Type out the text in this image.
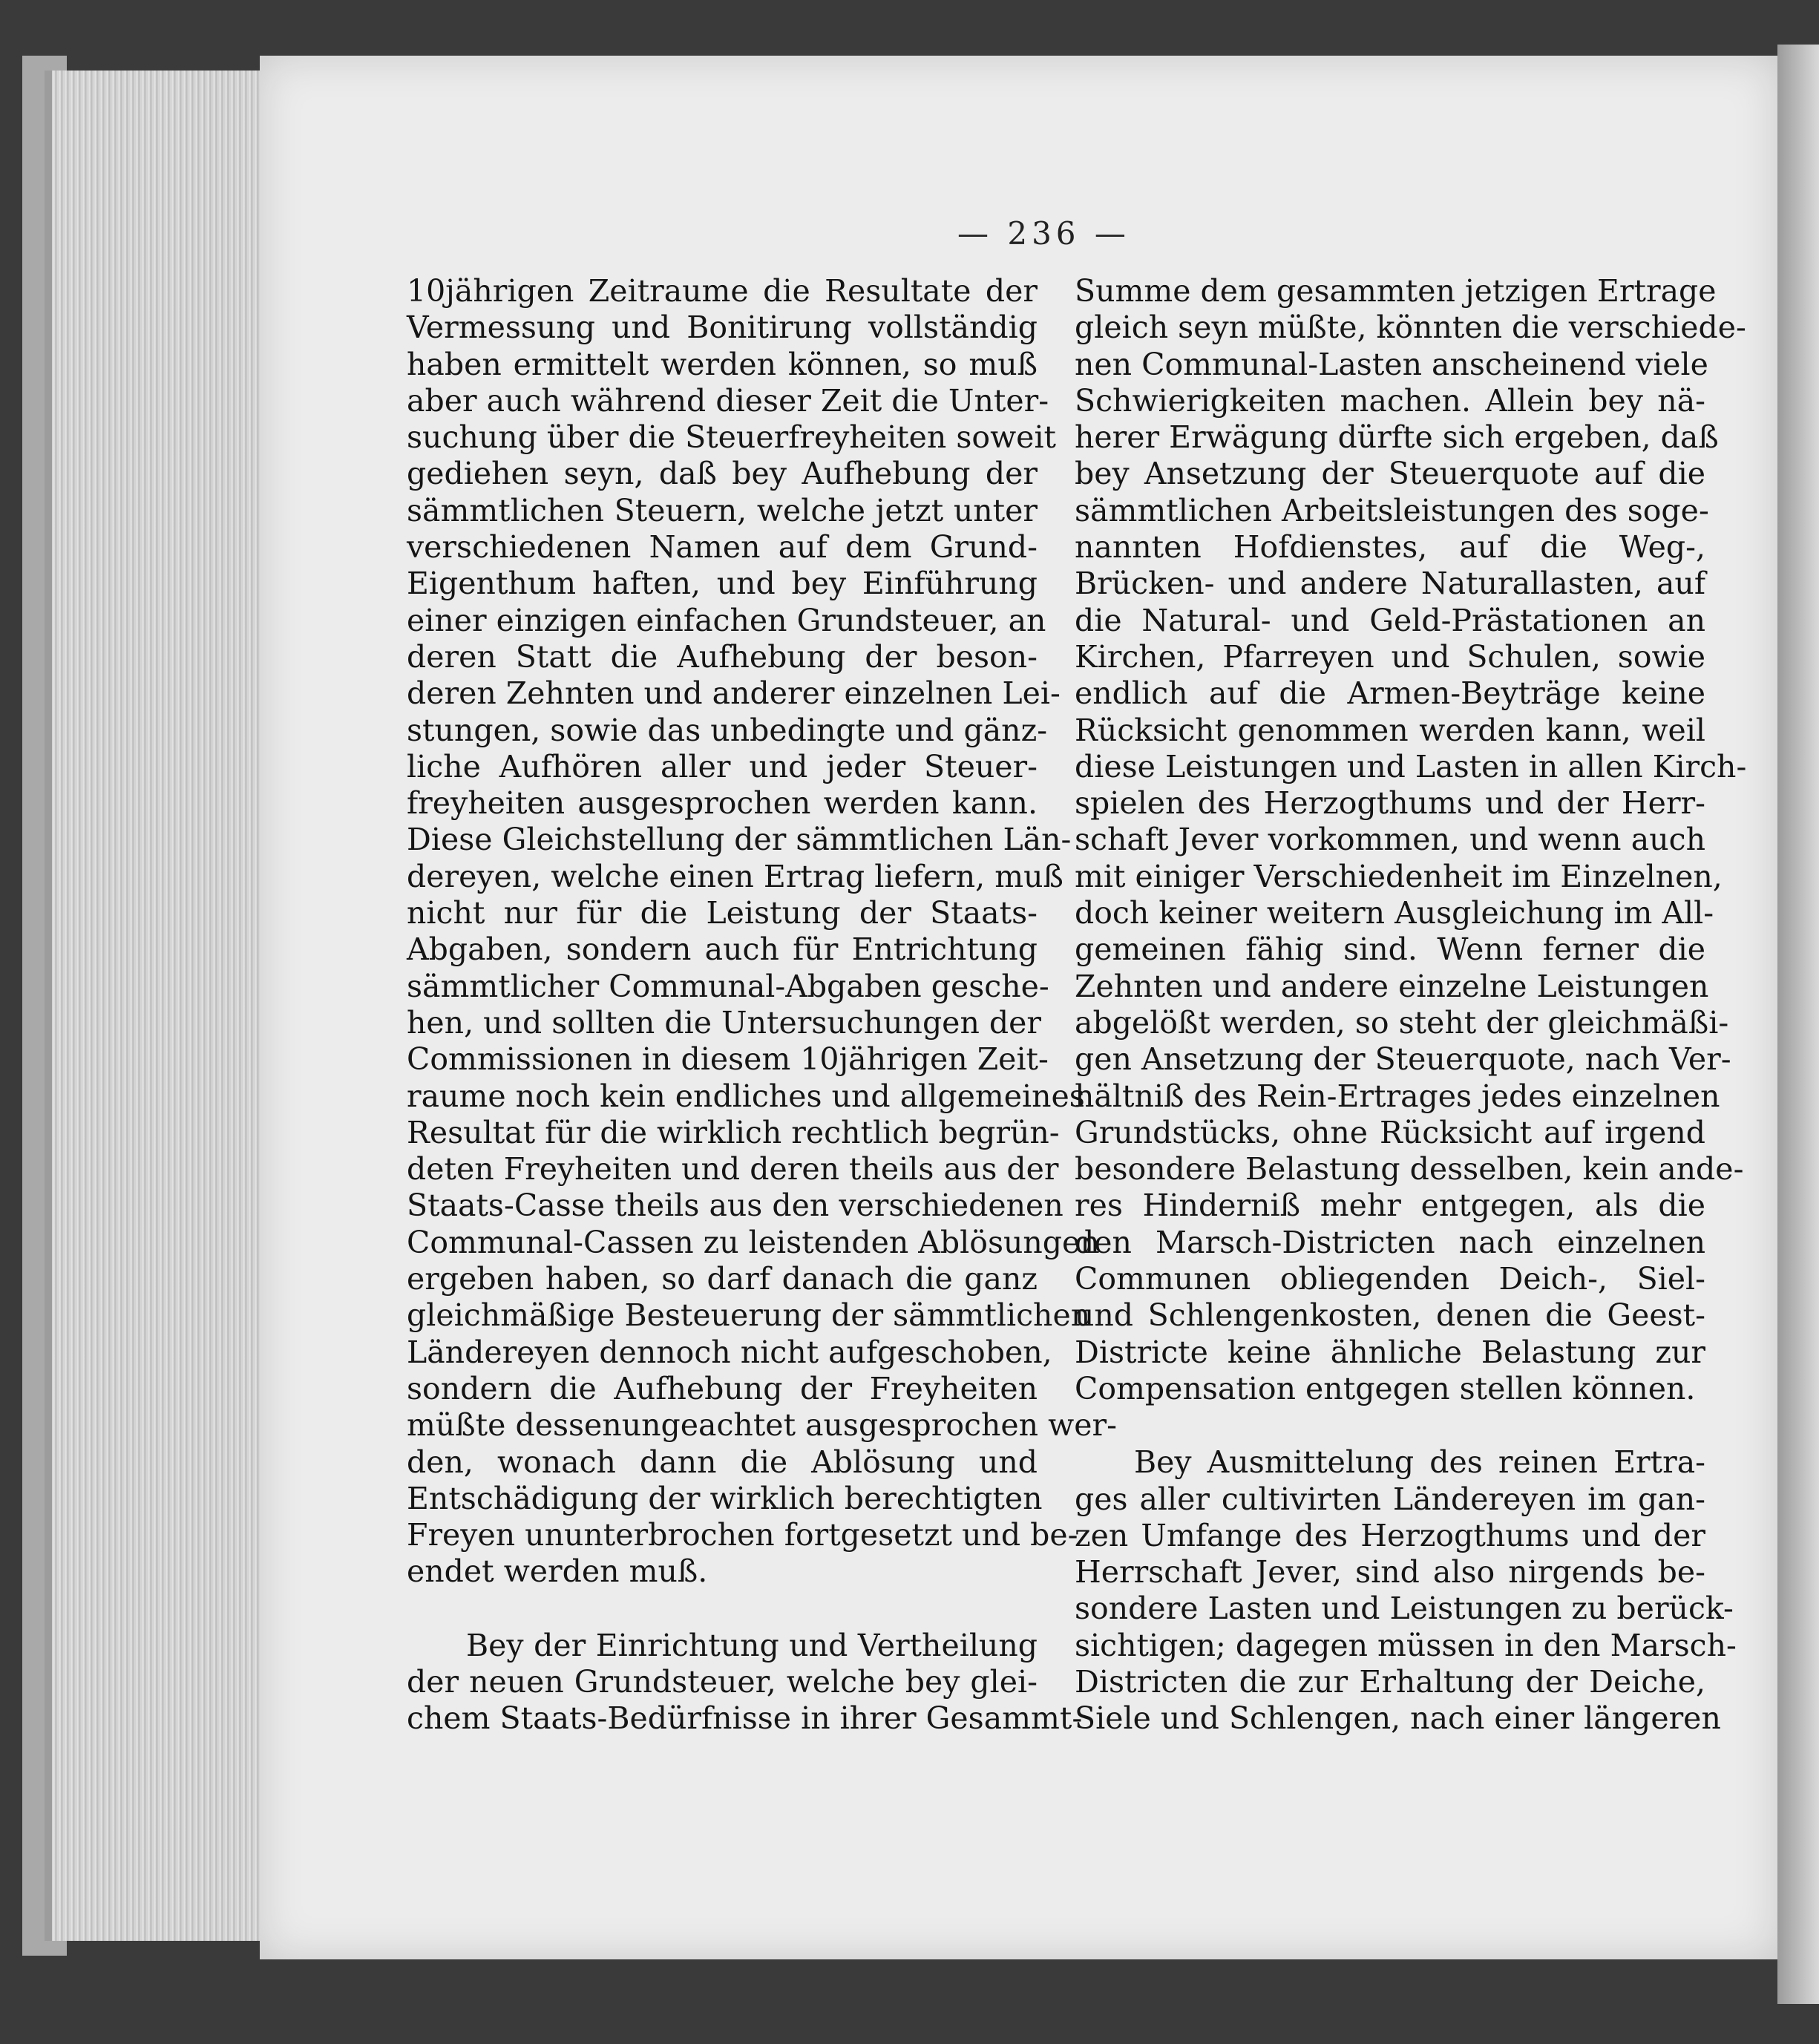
— 236 —
10jährigen Zeitraume die Resultate der
Vermessung und Bonitirung vollständig
haben ermittelt werden können, so muß
aber auch während dieser Zeit die Unter-
suchung über die Steuerfreyheiten soweit
gediehen seyn, daß bey Aufhebung der
sämmtlichen Steuern, welche jetzt unter
verschiedenen Namen auf dem Grund-
Eigenthum haften, und bey Einführung
einer einzigen einfachen Grundsteuer, an
deren Statt die Aufhebung der beson-
deren Zehnten und anderer einzelnen Lei-
stungen, sowie das unbedingte und gänz-
liche Aufhören aller und jeder Steuer-
freyheiten ausgesprochen werden kann.
Diese Gleichstellung der sämmtlichen Län-
dereyen, welche einen Ertrag liefern, muß
nicht nur für die Leistung der Staats-
Abgaben, sondern auch für Entrichtung
sämmtlicher Communal-Abgaben gesche-
hen, und sollten die Untersuchungen der
Commissionen in diesem 10jährigen Zeit-
raume noch kein endliches und allgemeines
Resultat für die wirklich rechtlich begrün-
deten Freyheiten und deren theils aus der
Staats-Casse theils aus den verschiedenen
Communal-Cassen zu leistenden Ablösungen
ergeben haben, so darf danach die ganz
gleichmäßige Besteuerung der sämmtlichen
Ländereyen dennoch nicht aufgeschoben,
sondern die Aufhebung der Freyheiten
müßte dessenungeachtet ausgesprochen wer-
den, wonach dann die Ablösung und
Entschädigung der wirklich berechtigten
Freyen ununterbrochen fortgesetzt und be-
endet werden muß.
Bey der Einrichtung und Vertheilung
der neuen Grundsteuer, welche bey glei-
chem Staats-Bedürfnisse in ihrer Gesammt-
Summe dem gesammten jetzigen Ertrage
gleich seyn müßte, könnten die verschiede-
nen Communal-Lasten anscheinend viele
Schwierigkeiten machen. Allein bey nä-
herer Erwägung dürfte sich ergeben, daß
bey Ansetzung der Steuerquote auf die
sämmtlichen Arbeitsleistungen des soge-
nannten Hofdienstes, auf die Weg-,
Brücken- und andere Naturallasten, auf
die Natural- und Geld-Prästationen an
Kirchen, Pfarreyen und Schulen, sowie
endlich auf die Armen-Beyträge keine
Rücksicht genommen werden kann, weil
diese Leistungen und Lasten in allen Kirch-
spielen des Herzogthums und der Herr-
schaft Jever vorkommen, und wenn auch
mit einiger Verschiedenheit im Einzelnen,
doch keiner weitern Ausgleichung im All-
gemeinen fähig sind. Wenn ferner die
Zehnten und andere einzelne Leistungen
abgelößt werden, so steht der gleichmäßi-
gen Ansetzung der Steuerquote, nach Ver-
hältniß des Rein-Ertrages jedes einzelnen
Grundstücks, ohne Rücksicht auf irgend
besondere Belastung desselben, kein ande-
res Hinderniß mehr entgegen, als die
den Marsch-Districten nach einzelnen
Communen obliegenden Deich-, Siel-
und Schlengenkosten, denen die Geest-
Districte keine ähnliche Belastung zur
Compensation entgegen stellen können.
Bey Ausmittelung des reinen Ertra-
ges aller cultivirten Ländereyen im gan-
zen Umfange des Herzogthums und der
Herrschaft Jever, sind also nirgends be-
sondere Lasten und Leistungen zu berück-
sichtigen; dagegen müssen in den Marsch-
Districten die zur Erhaltung der Deiche,
Siele und Schlengen, nach einer längeren
